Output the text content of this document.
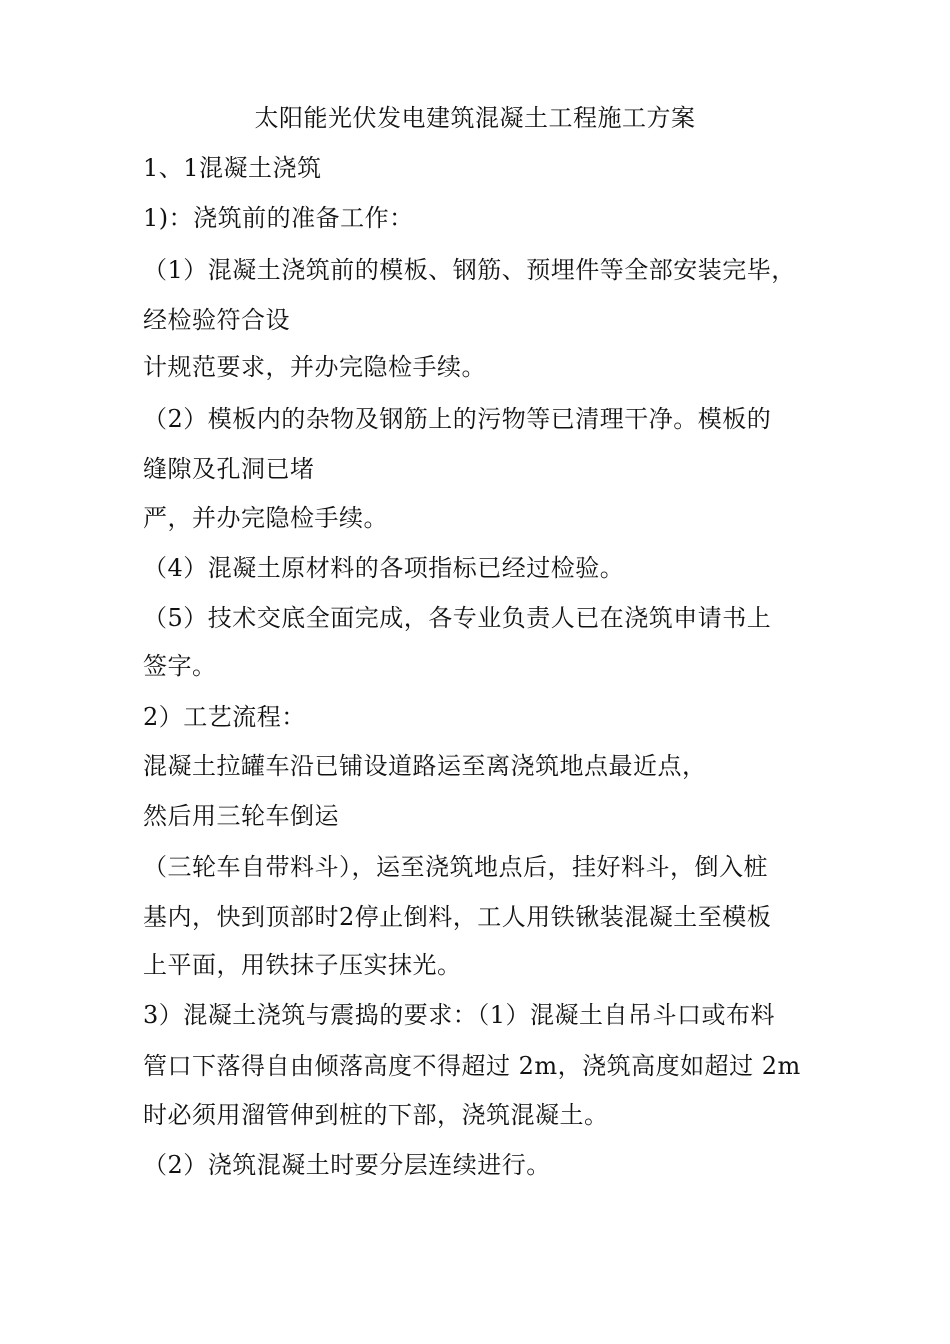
太阳能光伏发电建筑混凝土工程施工方案
1、1混凝土浇筑
1)：浇筑前的准备工作：
（1）混凝土浇筑前的模板、钢筋、预埋件等全部安装完毕，
经检验符合设
计规范要求，并办完隐检手续。
（2）模板内的杂物及钢筋上的污物等已清理干净。模板的
缝隙及孔洞已堵
严，并办完隐检手续。
（4）混凝土原材料的各项指标已经过检验。
（5）技术交底全面完成，各专业负责人已在浇筑申请书上
签字。
2）工艺流程：
混凝土拉罐车沿已铺设道路运至离浇筑地点最近点，
然后用三轮车倒运
（三轮车自带料斗），运至浇筑地点后，挂好料斗，倒入桩
基内，快到顶部时2停止倒料，工人用铁锹装混凝土至模板
上平面，用铁抹子压实抹光。
3）混凝土浇筑与震捣的要求：（1）混凝土自吊斗口或布料
管口下落得自由倾落高度不得超过 2m，浇筑高度如超过 2m
时必须用溜管伸到桩的下部，浇筑混凝土。
（2）浇筑混凝土时要分层连续进行。
